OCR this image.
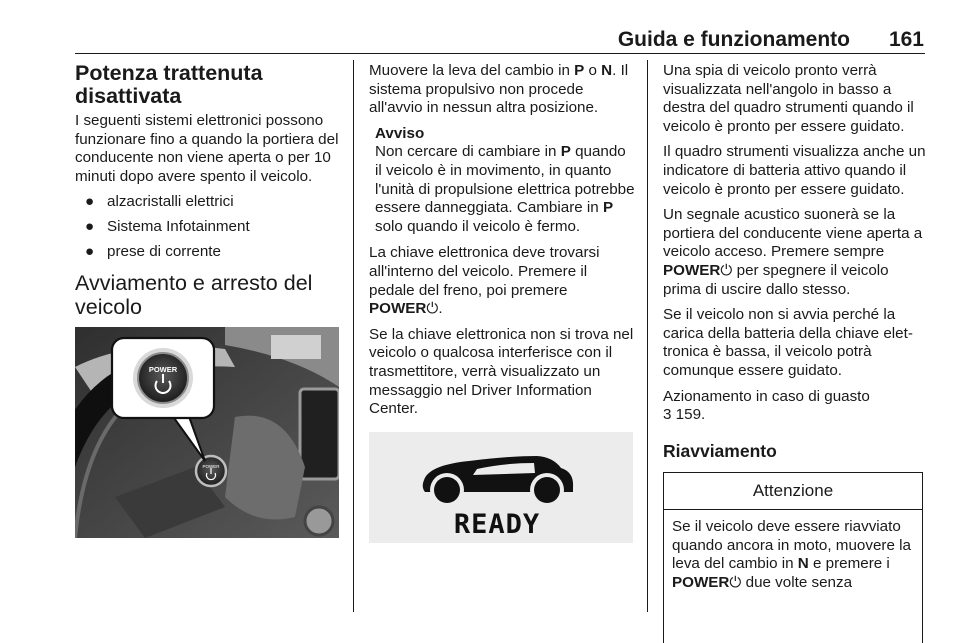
Guida e funzionamento	161
Potenza trattenuta disattivata

I seguenti sistemi elettronici possono funzionare fino a quando la portiera del conducente non viene aperta o per 10 minuti dopo avere spento il veicolo.

● alzacristalli elettrici
● Sistema Infotainment
● prese di corrente
Avviamento e arresto del veicolo
POWER
POWER

Muovere la leva del cambio in P o N. Il sistema propulsivo non procede all'avvio in nessun altra posizione.

Avviso
Non cercare di cambiare in P quando il veicolo è in movimento, in quanto l'unità di propulsione elettrica potrebbe essere danneggiata. Cambiare in P solo quando il veicolo è fermo.

La chiave elettronica deve trovarsi all'interno del veicolo. Premere il pedale del freno, poi premere POWER⏻.

Se la chiave elettronica non si trova nel veicolo o qualcosa interferisce con il trasmettitore, verrà visualizzato un messaggio nel Driver Information Center.

READY

Una spia di veicolo pronto verrà visualizzata nell'angolo in basso a destra del quadro strumenti quando il veicolo è pronto per essere guidato.

Il quadro strumenti visualizza anche un indicatore di batteria attivo quando il veicolo è pronto per essere guidato.

Un segnale acustico suonerà se la portiera del conducente viene aperta a veicolo acceso. Premere sempre POWER⏻ per spegnere il veicolo prima di uscire dallo stesso.

Se il veicolo non si avvia perché la carica della batteria della chiave elet-tronica è bassa, il veicolo potrà comunque essere guidato.

Azionamento in caso di guasto
3 159.

Riavviamento
Attenzione
Se il veicolo deve essere riavviato quando ancora in moto, muovere la leva del cambio in N e premere i POWER⏻ due volte senza
